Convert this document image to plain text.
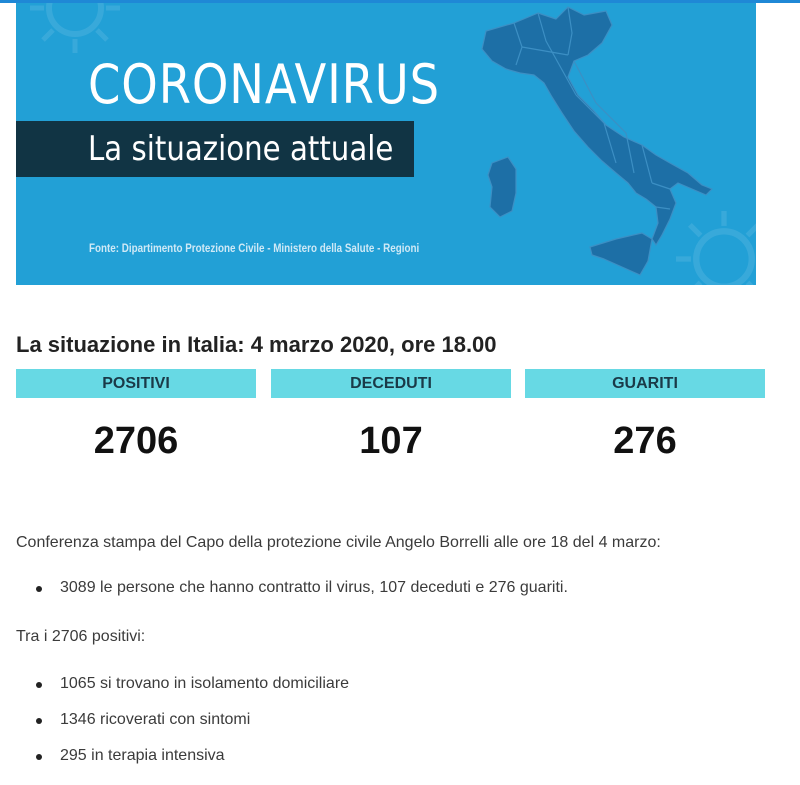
CORONAVIRUS
La situazione attuale
Fonte: Dipartimento Protezione Civile - Ministero della Salute - Regioni
La situazione in Italia: 4 marzo 2020, ore 18.00
POSITIVI
2706
DECEDUTI
107
GUARITI
276

Conferenza stampa del Capo della protezione civile Angelo Borrelli alle ore 18 del 4 marzo:

3089 le persone che hanno contratto il virus, 107 deceduti e 276 guariti.

Tra i 2706 positivi:

1065 si trovano in isolamento domiciliare
1346 ricoverati con sintomi
295 in terapia intensiva
